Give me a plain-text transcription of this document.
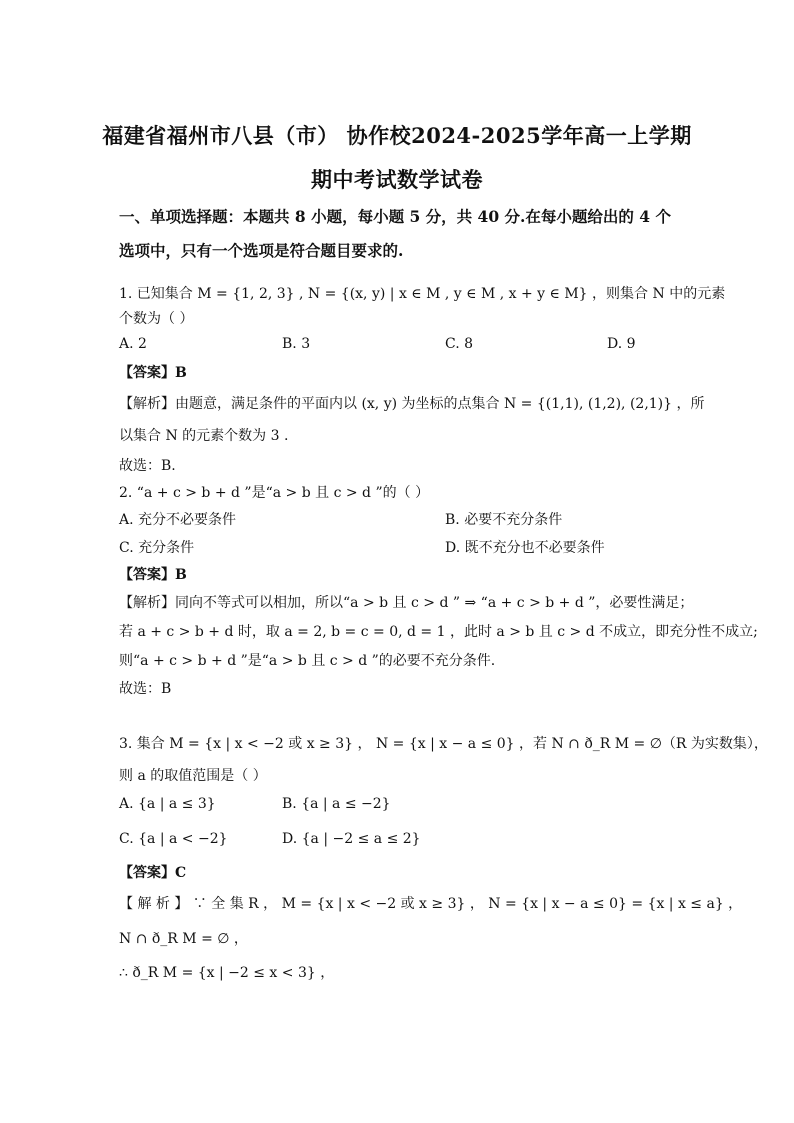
福建省福州市八县（市） 协作校2024-2025学年高一上学期
期中考试数学试卷
一、单项选择题：本题共 8 小题，每小题 5 分，共 40 分.在每小题给出的 4 个选项中，只有一个选项是符合题目要求的.
1. 已知集合 M = {1, 2, 3} , N = {(x, y) | x ∈ M , y ∈ M , x + y ∈ M} ，则集合 N 中的元素
个数为（ ）
A. 2	B. 3	C. 8	D. 9
【答案】B
【解析】由题意，满足条件的平面内以 (x, y) 为坐标的点集合 N = {(1,1), (1,2), (2,1)} ，所
以集合 N 的元素个数为 3 .
故选：B.
2. “a + c > b + d ”是“a > b 且 c > d ”的（ ）
A. 充分不必要条件	B. 必要不充分条件
C. 充分条件	D. 既不充分也不必要条件
【答案】B
【解析】同向不等式可以相加，所以“a > b 且 c > d ” ⇒ “a + c > b + d ”，必要性满足；
若 a + c > b + d 时，取 a = 2, b = c = 0, d = 1 ，此时 a > b 且 c > d 不成立，即充分性不成立;
则“a + c > b + d ”是“a > b 且 c > d ”的必要不充分条件.
故选：B
3. 集合 M = {x | x < −2 或 x ≥ 3} ， N = {x | x − a ≤ 0} ，若 N ∩ ð_R M = ∅（R 为实数集），
则 a 的取值范围是（ ）
A. {a | a ≤ 3}	B. {a | a ≤ −2}
C. {a | a < −2}	D. {a | −2 ≤ a ≤ 2}
【答案】C
【 解 析 】 ∵ 全 集 R ， M = {x | x < −2 或 x ≥ 3} ， N = {x | x − a ≤ 0} = {x | x ≤ a} ，
N ∩ ð_R M = ∅ ，
∴ ð_R M = {x | −2 ≤ x < 3} ，
